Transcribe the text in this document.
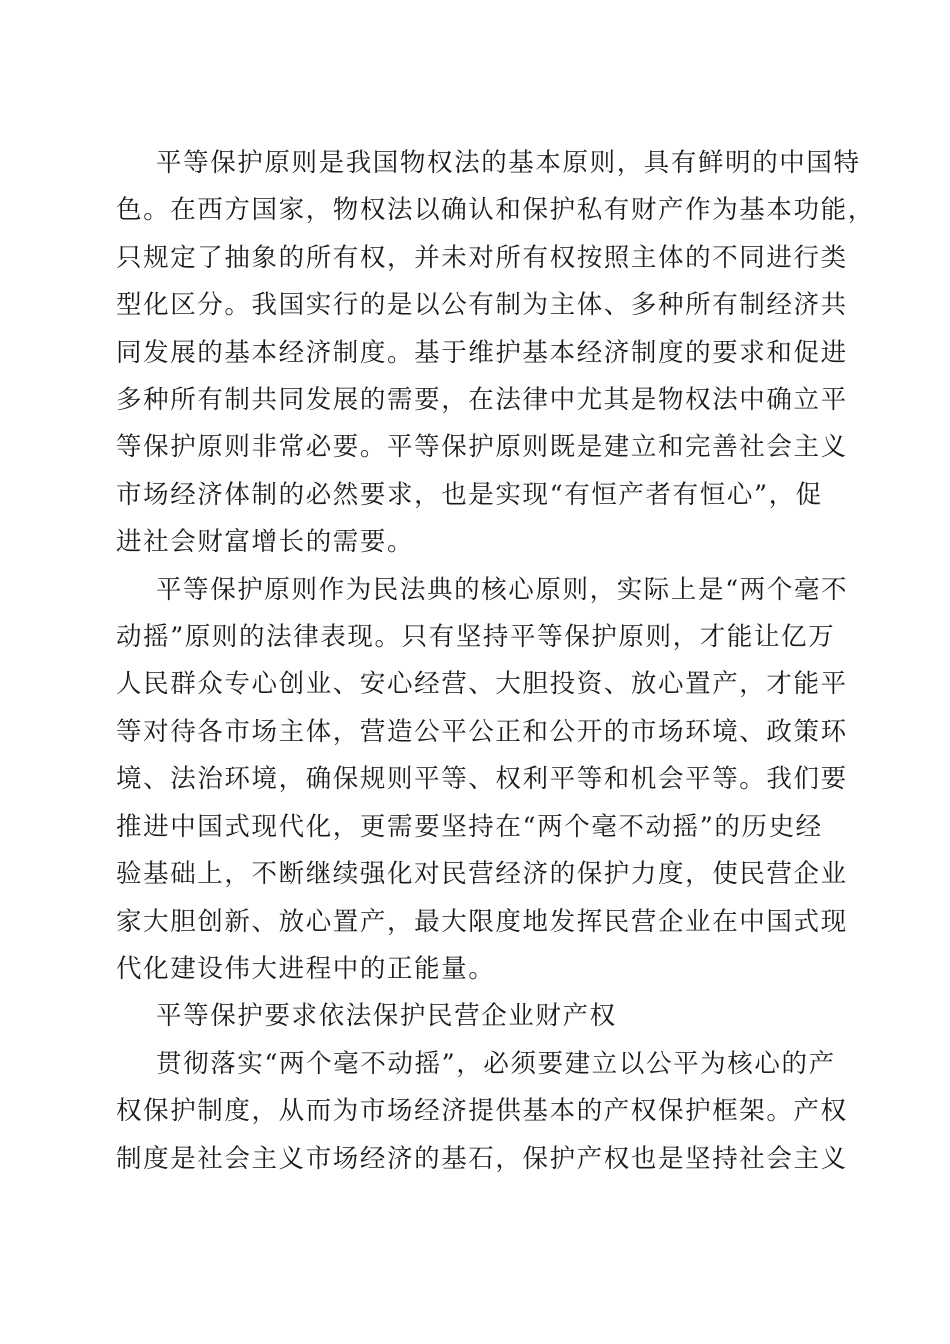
平等保护原则是我国物权法的基本原则，具有鲜明的中国特
色。在西方国家，物权法以确认和保护私有财产作为基本功能，
只规定了抽象的所有权，并未对所有权按照主体的不同进行类
型化区分。我国实行的是以公有制为主体、多种所有制经济共
同发展的基本经济制度。基于维护基本经济制度的要求和促进
多种所有制共同发展的需要，在法律中尤其是物权法中确立平
等保护原则非常必要。平等保护原则既是建立和完善社会主义
市场经济体制的必然要求，也是实现“有恒产者有恒心”，促
进社会财富增长的需要。

平等保护原则作为民法典的核心原则，实际上是“两个毫不
动摇”原则的法律表现。只有坚持平等保护原则，才能让亿万
人民群众专心创业、安心经营、大胆投资、放心置产，才能平
等对待各市场主体，营造公平公正和公开的市场环境、政策环
境、法治环境，确保规则平等、权利平等和机会平等。我们要
推进中国式现代化，更需要坚持在“两个毫不动摇”的历史经
验基础上，不断继续强化对民营经济的保护力度，使民营企业
家大胆创新、放心置产，最大限度地发挥民营企业在中国式现
代化建设伟大进程中的正能量。

平等保护要求依法保护民营企业财产权

贯彻落实“两个毫不动摇”，必须要建立以公平为核心的产
权保护制度，从而为市场经济提供基本的产权保护框架。产权
制度是社会主义市场经济的基石，保护产权也是坚持社会主义
